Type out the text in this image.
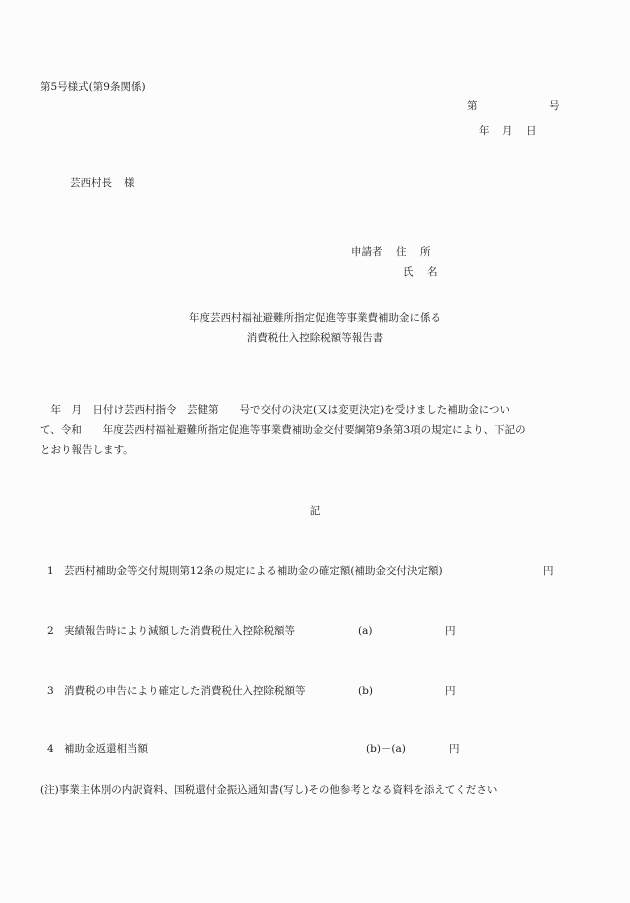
第5号様式(第9条関係)
第	号
年 月 日
芸西村長 様
申請者 住 所
氏 名
年度芸西村福祉避難所指定促進等事業費補助金に係る
消費税仕入控除税額等報告書
　年　月　日付け芸西村指令　芸健第　　号で交付の決定(又は変更決定)を受けました補助金につい
て、令和　　年度芸西村福祉避難所指定促進等事業費補助金交付要綱第9条第3項の規定により、下記の
とおり報告します。
記
1 芸西村補助金等交付規則第12条の規定による補助金の確定額(補助金交付決定額)	円
2 実績報告時により減額した消費税仕入控除税額等	(a)	円
3 消費税の申告により確定した消費税仕入控除税額等	(b)	円
4 補助金返還相当額	(b)－(a)	円
(注)事業主体別の内訳資料、国税還付金振込通知書(写し)その他参考となる資料を添えてください
